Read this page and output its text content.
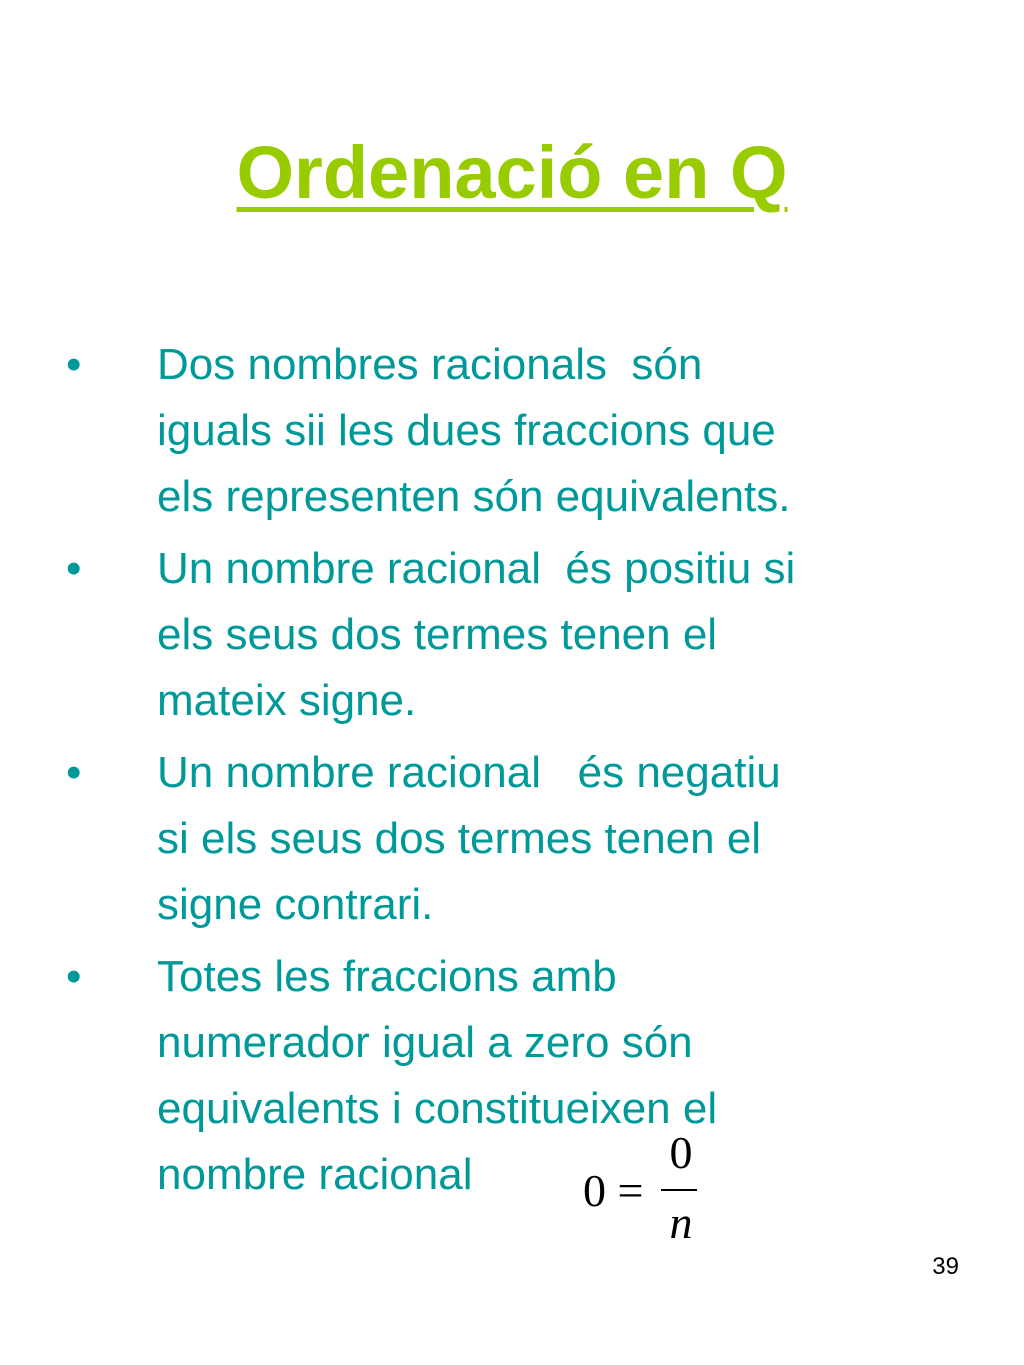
Ordenació en Q
• Dos nombres racionals  són
iguals sii les dues fraccions que
els representen són equivalents.
• Un nombre racional  és positiu si
els seus dos termes tenen el
mateix signe.
• Un nombre racional   és negatiu
si els seus dos termes tenen el
signe contrari.
• Totes les fraccions amb
numerador igual a zero són
equivalents i constitueixen el
nombre racional	0 =
0
n
39
